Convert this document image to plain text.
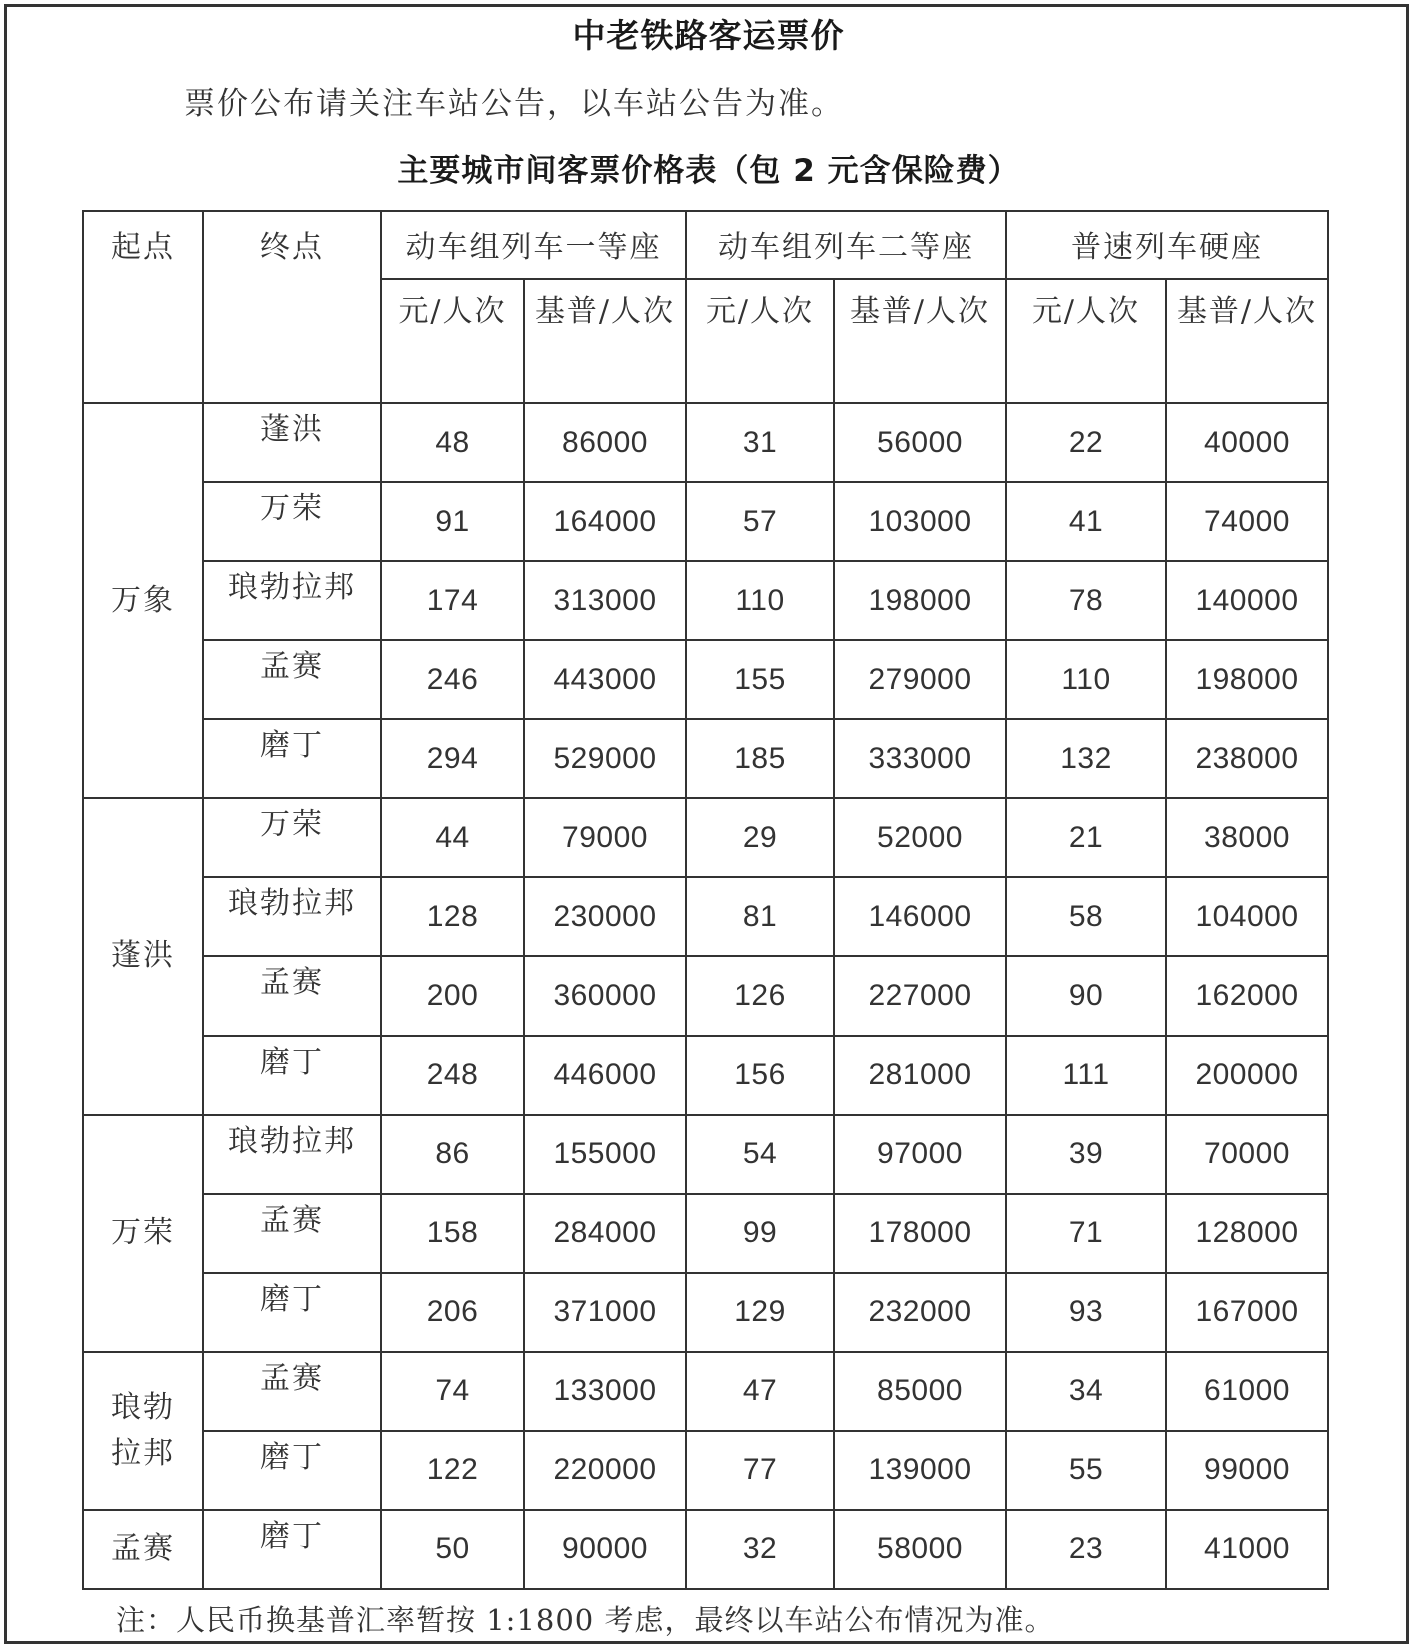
中老铁路客运票价
票价公布请关注车站公告，以车站公告为准。
主要城市间客票价格表（包 2 元含保险费）
起点	终点	动车组列车一等座		动车组列车二等座		普速列车硬座	
		元/人次	基普/人次	元/人次	基普/人次	元/人次	基普/人次
万象	蓬洪	48	86000	31	56000	22	40000
	万荣	91	164000	57	103000	41	74000
	琅勃拉邦	174	313000	110	198000	78	140000
	孟赛	246	443000	155	279000	110	198000
	磨丁	294	529000	185	333000	132	238000
蓬洪	万荣	44	79000	29	52000	21	38000
	琅勃拉邦	128	230000	81	146000	58	104000
	孟赛	200	360000	126	227000	90	162000
	磨丁	248	446000	156	281000	111	200000
万荣	琅勃拉邦	86	155000	54	97000	39	70000
	孟赛	158	284000	99	178000	71	128000
	磨丁	206	371000	129	232000	93	167000
琅勃拉邦	孟赛	74	133000	47	85000	34	61000
	磨丁	122	220000	77	139000	55	99000
孟赛	磨丁	50	90000	32	58000	23	41000
注：人民币换基普汇率暂按 1:1800 考虑，最终以车站公布情况为准。
